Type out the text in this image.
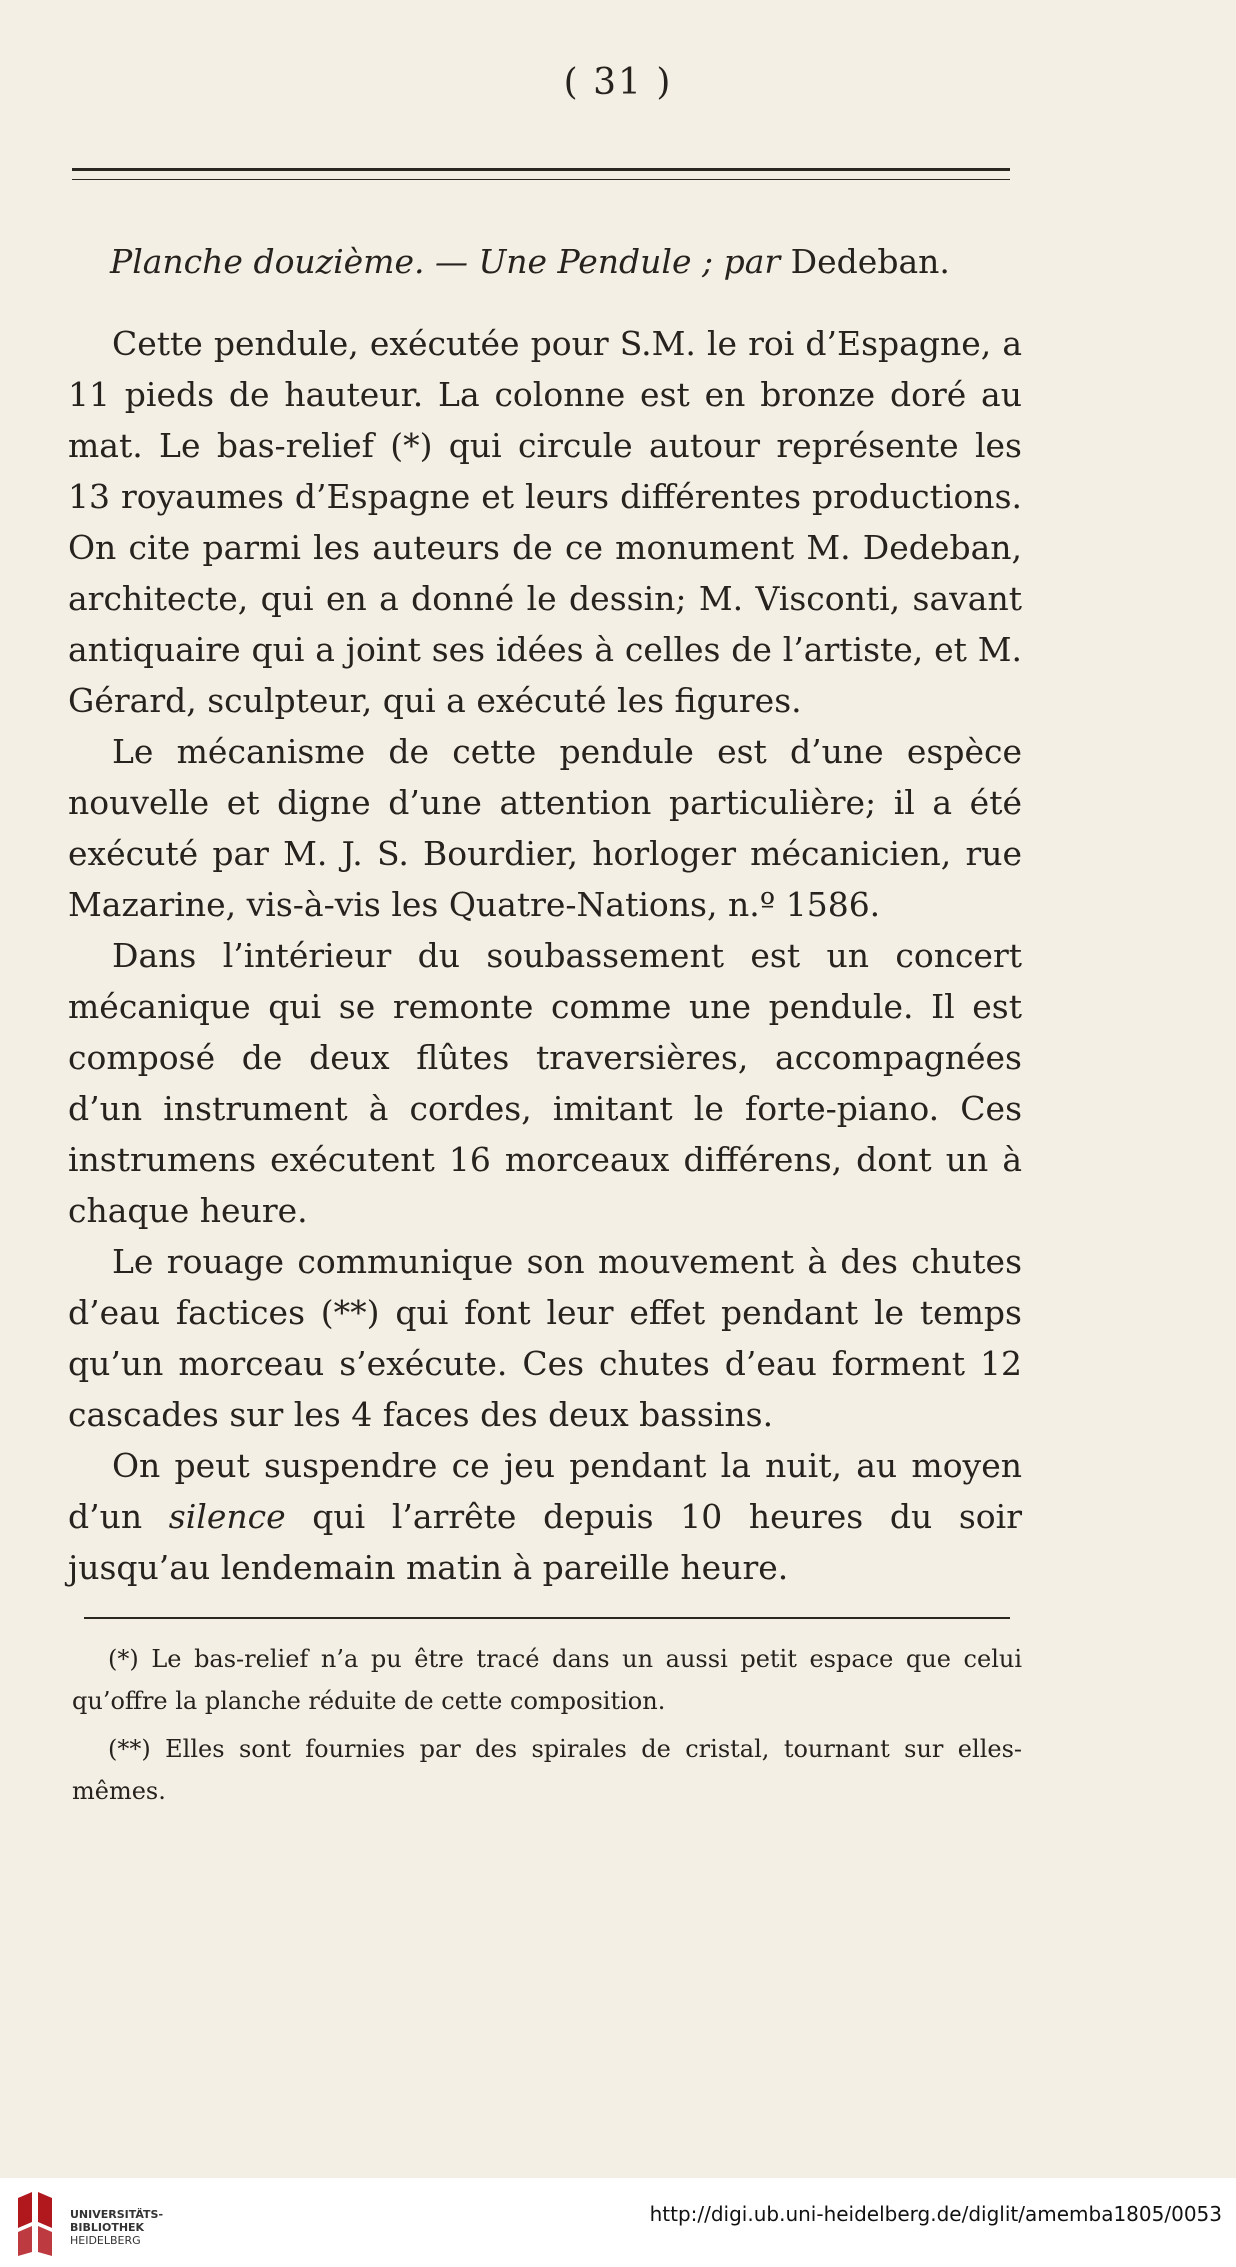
( 31 )
Planche douzième. — Une Pendule ; par Dedeban.

Cette pendule, exécutée pour S.M. le roi d’Espagne, a 11 pieds de hauteur. La colonne est en bronze doré au mat. Le bas-relief (*) qui circule autour représente les 13 royaumes d’Espagne et leurs différentes productions. On cite parmi les auteurs de ce monument M. Dedeban, architecte, qui en a donné le dessin; M. Visconti, savant antiquaire qui a joint ses idées à celles de l’artiste, et M. Gérard, sculpteur, qui a exécuté les figures.

Le mécanisme de cette pendule est d’une espèce nouvelle et digne d’une attention particulière; il a été exécuté par M. J. S. Bourdier, horloger mécanicien, rue Mazarine, vis-à-vis les Quatre-Nations, n.º 1586.

Dans l’intérieur du soubassement est un concert mécanique qui se remonte comme une pendule. Il est composé de deux flûtes traversières, accompagnées d’un instrument à cordes, imitant le forte-piano. Ces instrumens exécutent 16 morceaux différens, dont un à chaque heure.

Le rouage communique son mouvement à des chutes d’eau factices (**) qui font leur effet pendant le temps qu’un morceau s’exécute. Ces chutes d’eau forment 12 cascades sur les 4 faces des deux bassins.

On peut suspendre ce jeu pendant la nuit, au moyen d’un silence qui l’arrête depuis 10 heures du soir jusqu’au lendemain matin à pareille heure.

(*) Le bas-relief n’a pu être tracé dans un aussi petit espace que celui qu’offre la planche réduite de cette composition.

(**) Elles sont fournies par des spirales de cristal, tournant sur elles-mêmes.

UNIVERSITÄTS-
BIBLIOTHEK
HEIDELBERG
http://digi.ub.uni-heidelberg.de/diglit/amemba1805/0053
